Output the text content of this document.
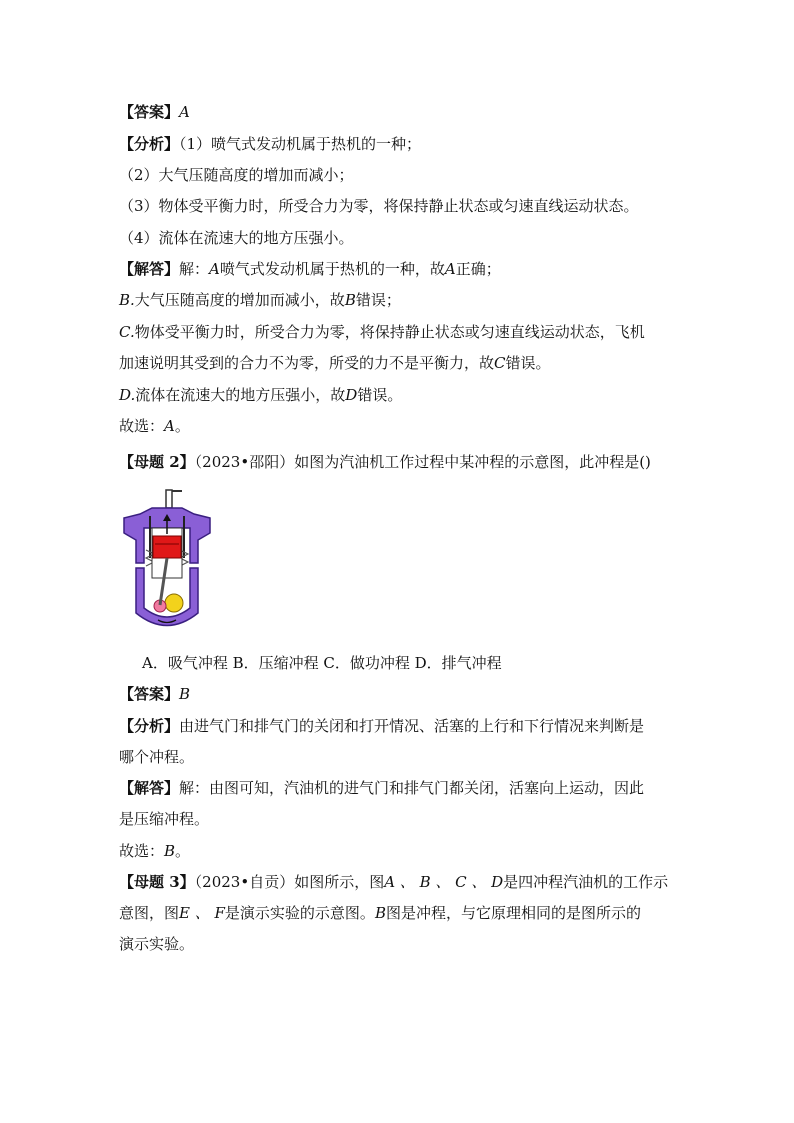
【答案】A
【分析】（1）喷气式发动机属于热机的一种；
（2）大气压随高度的增加而减小；
（3）物体受平衡力时，所受合力为零，将保持静止状态或匀速直线运动状态。
（4）流体在流速大的地方压强小。
【解答】解：A喷气式发动机属于热机的一种，故A正确；
B.大气压随高度的增加而减小，故B错误；
C.物体受平衡力时，所受合力为零，将保持静止状态或匀速直线运动状态，飞机
加速说明其受到的合力不为零，所受的力不是平衡力，故C错误。
D.流体在流速大的地方压强小，故D错误。
故选：A。
【母题 2】（2023•邵阳）如图为汽油机工作过程中某冲程的示意图，此冲程是()
A．吸气冲程 B．压缩冲程 C．做功冲程 D．排气冲程
【答案】B
【分析】由进气门和排气门的关闭和打开情况、活塞的上行和下行情况来判断是
哪个冲程。
【解答】解：由图可知，汽油机的进气门和排气门都关闭，活塞向上运动，因此
是压缩冲程。
故选：B。
【母题 3】（2023•自贡）如图所示，图A 、 B 、 C 、 D是四冲程汽油机的工作示
意图，图E 、 F是演示实验的示意图。B图是冲程，与它原理相同的是图所示的
演示实验。
